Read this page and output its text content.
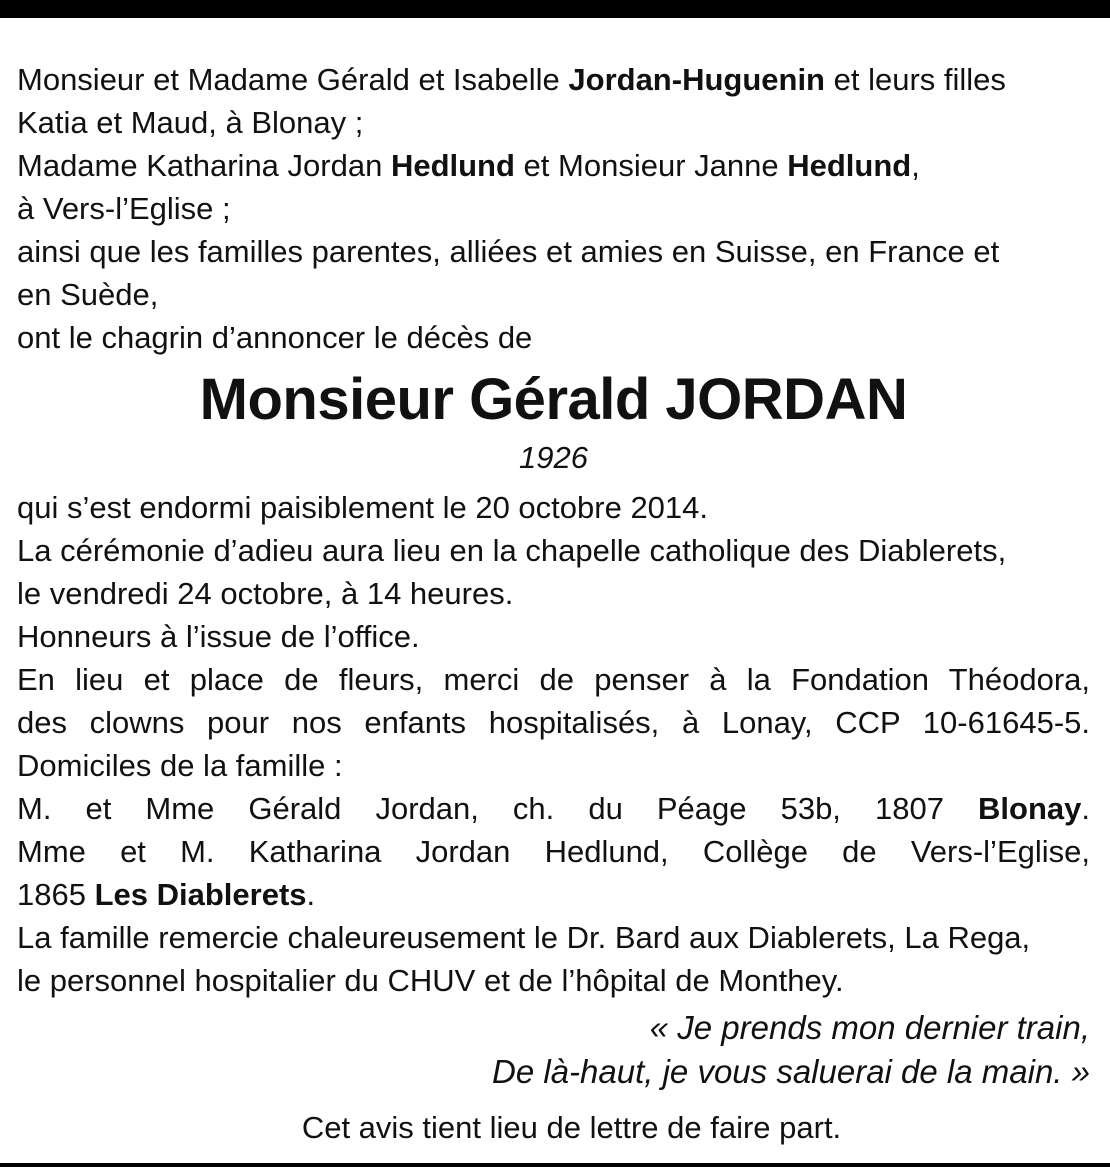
Monsieur et Madame Gérald et Isabelle Jordan-Huguenin et leurs filles
Katia et Maud, à Blonay ;
Madame Katharina Jordan Hedlund et Monsieur Janne Hedlund,
à Vers-l’Eglise ;
ainsi que les familles parentes, alliées et amies en Suisse, en France et
en Suède,
ont le chagrin d’annoncer le décès de
Monsieur Gérald JORDAN
1926
qui s’est endormi paisiblement le 20 octobre 2014.
La cérémonie d’adieu aura lieu en la chapelle catholique des Diablerets,
le vendredi 24 octobre, à 14 heures.
Honneurs à l’issue de l’office.
En lieu et place de fleurs, merci de penser à la Fondation Théodora,
des clowns pour nos enfants hospitalisés, à Lonay, CCP 10-61645-5.
Domiciles de la famille :
M. et Mme Gérald Jordan, ch. du Péage 53b, 1807 Blonay.
Mme et M. Katharina Jordan Hedlund, Collège de Vers-l’Eglise,
1865 Les Diablerets.
La famille remercie chaleureusement le Dr. Bard aux Diablerets, La Rega,
le personnel hospitalier du CHUV et de l’hôpital de Monthey.
« Je prends mon dernier train,
De là-haut, je vous saluerai de la main. »
Cet avis tient lieu de lettre de faire part.
